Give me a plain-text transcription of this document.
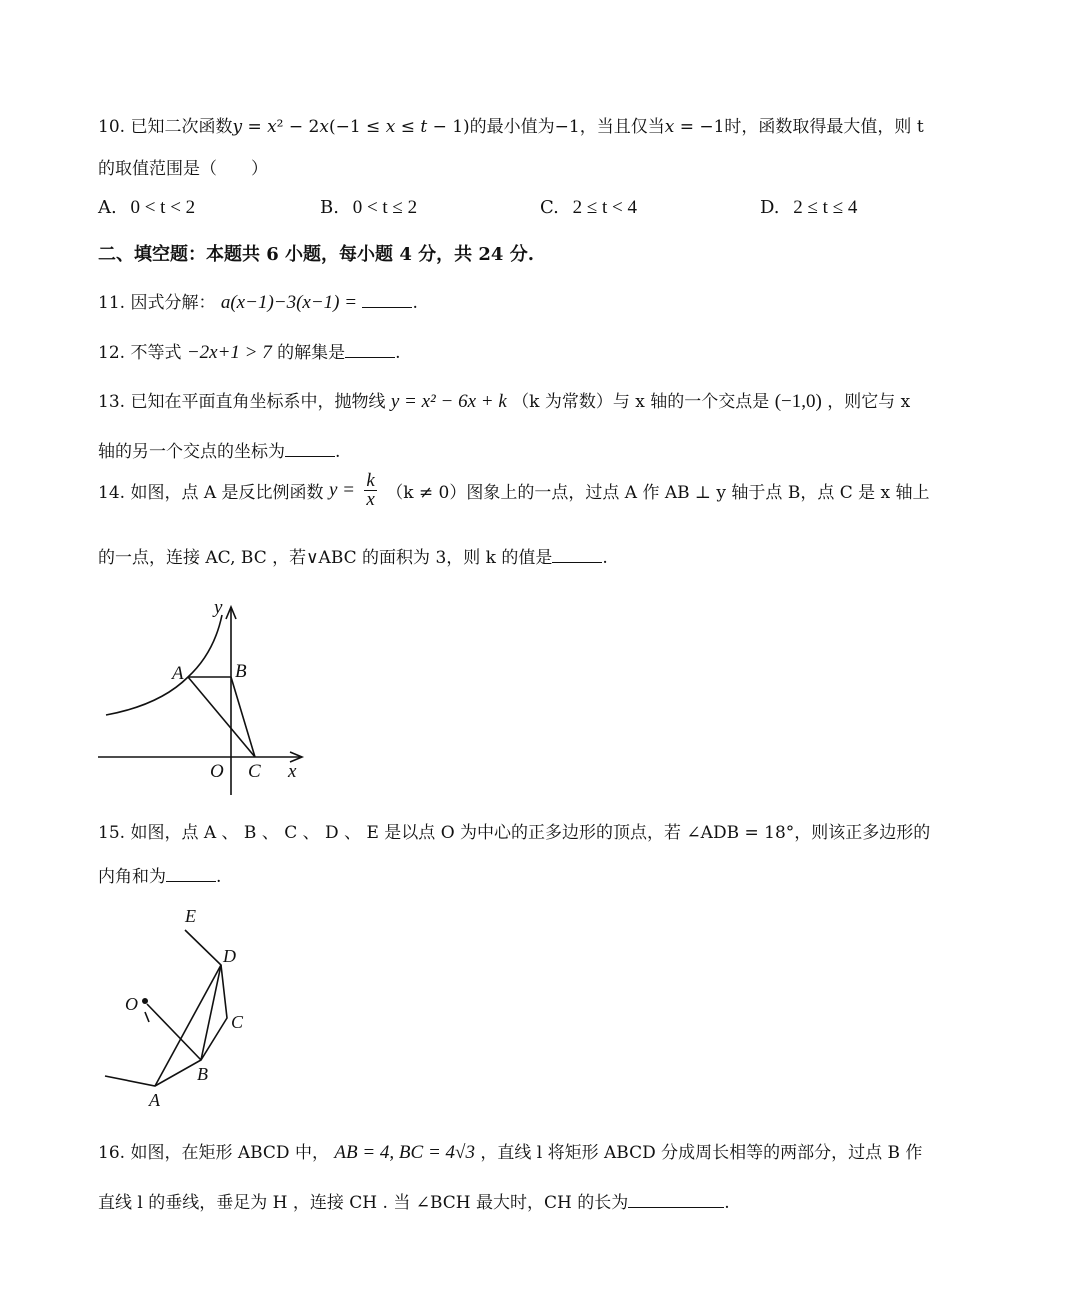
10. 已知二次函数𝑦 = 𝑥² − 2𝑥(−1 ≤ 𝑥 ≤ 𝑡 − 1)的最小值为−1，当且仅当𝑥 = −1时，函数取得最大值，则 t
的取值范围是（　　）
A. 0 < t < 2	B. 0 < t ≤ 2	C. 2 ≤ t < 4	D. 2 ≤ t ≤ 4
二、填空题：本题共 6 小题，每小题 4 分，共 24 分.
11. 因式分解： a(x−1)−3(x−1) =	.
12. 不等式 −2x+1 > 7 的解集是	.
13. 已知在平面直角坐标系中，抛物线 y = x² − 6x + k （k 为常数）与 x 轴的一个交点是 (−1,0) ，则它与 x
轴的另一个交点的坐标为	.
14. 如图，点 A 是反比例函数 $y = \frac{k}{x} (k \ne 0)$图象上的一点，过点 A 作 AB ⊥ y 轴于点 B，点 C 是 x 轴上
的一点，连接 AC, BC ，若∨ABC 的面积为 3，则 k 的值是	.
y
A	B
O C x
15. 如图，点 A 、 B 、 C 、 D 、 E 是以点 O 为中心的正多边形的顶点，若 ∠ADB = 18°，则该正多边形的
内角和为	.
E
D
O
C
B
A
16. 如图，在矩形 ABCD 中， AB = 4, BC = 4√3 ，直线 l 将矩形 ABCD 分成周长相等的两部分，过点 B 作
直线 l 的垂线，垂足为 H ，连接 CH . 当 ∠BCH 最大时，CH 的长为	.
